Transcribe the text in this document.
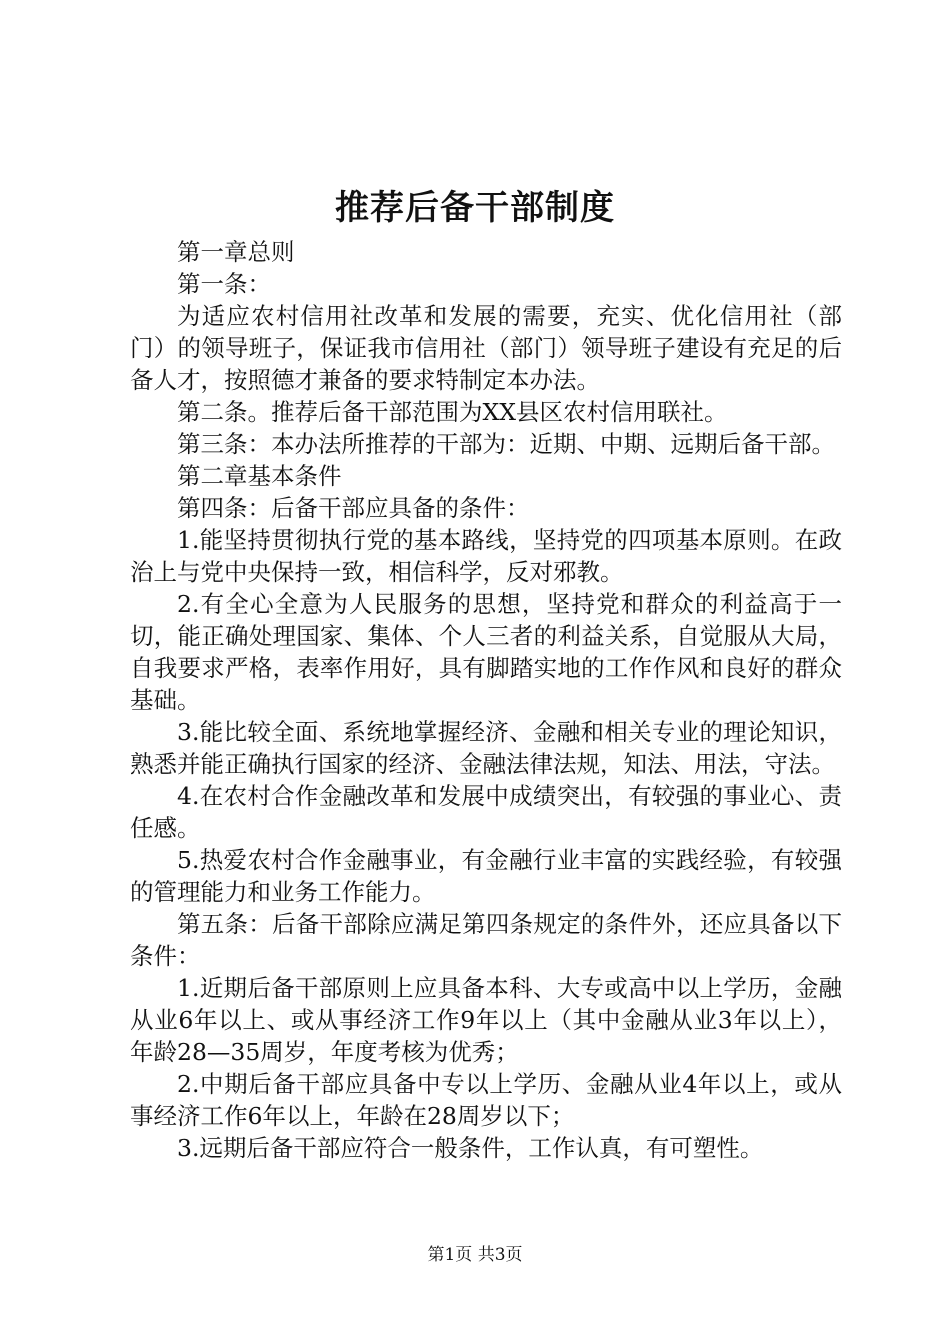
推荐后备干部制度

第一章总则

第一条：

为适应农村信用社改革和发展的需要，充实、优化信用社（部门）的领导班子，保证我市信用社（部门）领导班子建设有充足的后备人才，按照德才兼备的要求特制定本办法。

第二条。推荐后备干部范围为XX县区农村信用联社。

第三条：本办法所推荐的干部为：近期、中期、远期后备干部。

第二章基本条件

第四条：后备干部应具备的条件：

1.能坚持贯彻执行党的基本路线，坚持党的四项基本原则。在政治上与党中央保持一致，相信科学，反对邪教。

2.有全心全意为人民服务的思想，坚持党和群众的利益高于一切，能正确处理国家、集体、个人三者的利益关系，自觉服从大局，自我要求严格，表率作用好，具有脚踏实地的工作作风和良好的群众基础。

3.能比较全面、系统地掌握经济、金融和相关专业的理论知识，熟悉并能正确执行国家的经济、金融法律法规，知法、用法，守法。

4.在农村合作金融改革和发展中成绩突出，有较强的事业心、责任感。

5.热爱农村合作金融事业，有金融行业丰富的实践经验，有较强的管理能力和业务工作能力。

第五条：后备干部除应满足第四条规定的条件外，还应具备以下条件：

1.近期后备干部原则上应具备本科、大专或高中以上学历，金融从业6年以上、或从事经济工作9年以上（其中金融从业3年以上），年龄28—35周岁，年度考核为优秀；

2.中期后备干部应具备中专以上学历、金融从业4年以上，或从事经济工作6年以上，年龄在28周岁以下；

3.远期后备干部应符合一般条件，工作认真，有可塑性。

第1页 共3页
